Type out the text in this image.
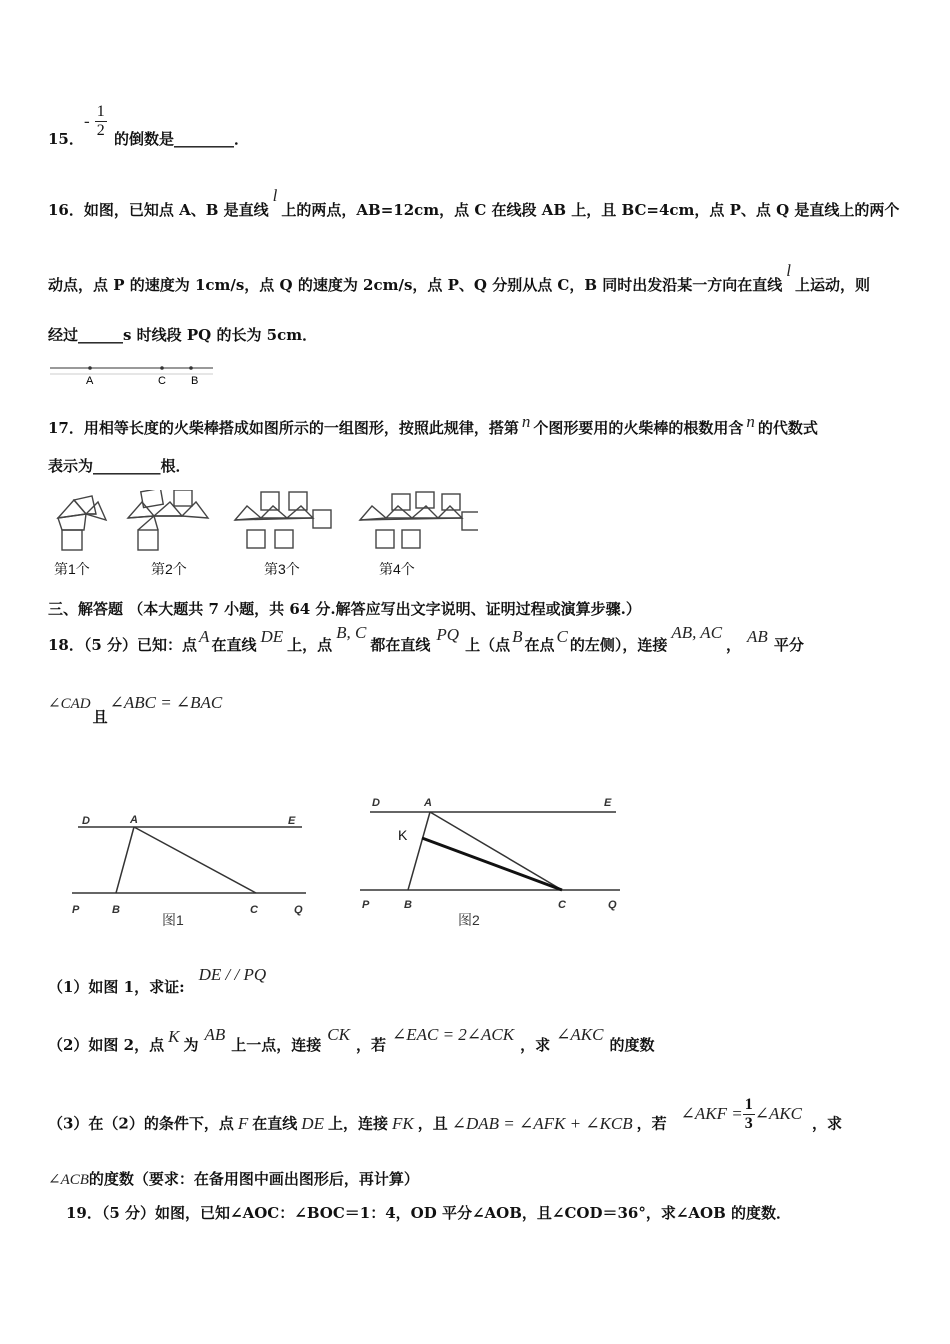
15．
- $\frac{1}{2}$ 的倒数是________．
16．如图，已知点 A、B 是直线l上的两点，AB=12cm，点 C 在线段 AB 上，且 BC=4cm，点 P、点 Q 是直线上的两个
动点，点 P 的速度为 1cm/s，点 Q 的速度为 2cm/s，点 P、Q 分别从点 C，B 同时出发沿某一方向在直线l上运动，则
经过______s 时线段 PQ 的长为 5cm．
A	C B
17．用相等长度的火柴棒搭成如图所示的一组图形，按照此规律，搭第 n 个图形要用的火柴棒的根数用含 n 的代数式
表示为_________根．
第1个	第2个	第3个	第4个
三、解答题 （本大题共 7 小题，共 64 分.解答应写出文字说明、证明过程或演算步骤.）
18．（5 分）已知：点 A 在直线 DE 上，点B, C都在直线PQ上（点 B 在点 C 的左侧），连接AB, AC， AB 平分
∠CAD且∠ABC = ∠BAC
D	A	E
P	B	C	Q
图1
D	A	E
P	B	C	Q
K
图2
（1）如图 1，求证:DE / / PQ
（2）如图 2，点 K 为AB上一点，连接CK，若∠EAC = 2∠ACK，求∠AKC的度数
（3）在（2）的条件下，点 F 在直线 DE 上，连接 FK ，且 ∠DAB = ∠AFK + ∠KCB ，若∠AKF = $\frac{1}{3}$ ∠AKC，求
∠ACB的度数（要求：在备用图中画出图形后，再计算）
19．（5 分）如图，已知∠AOC：∠BOC＝1：4，OD 平分∠AOB，且∠COD＝36°，求∠AOB 的度数．
